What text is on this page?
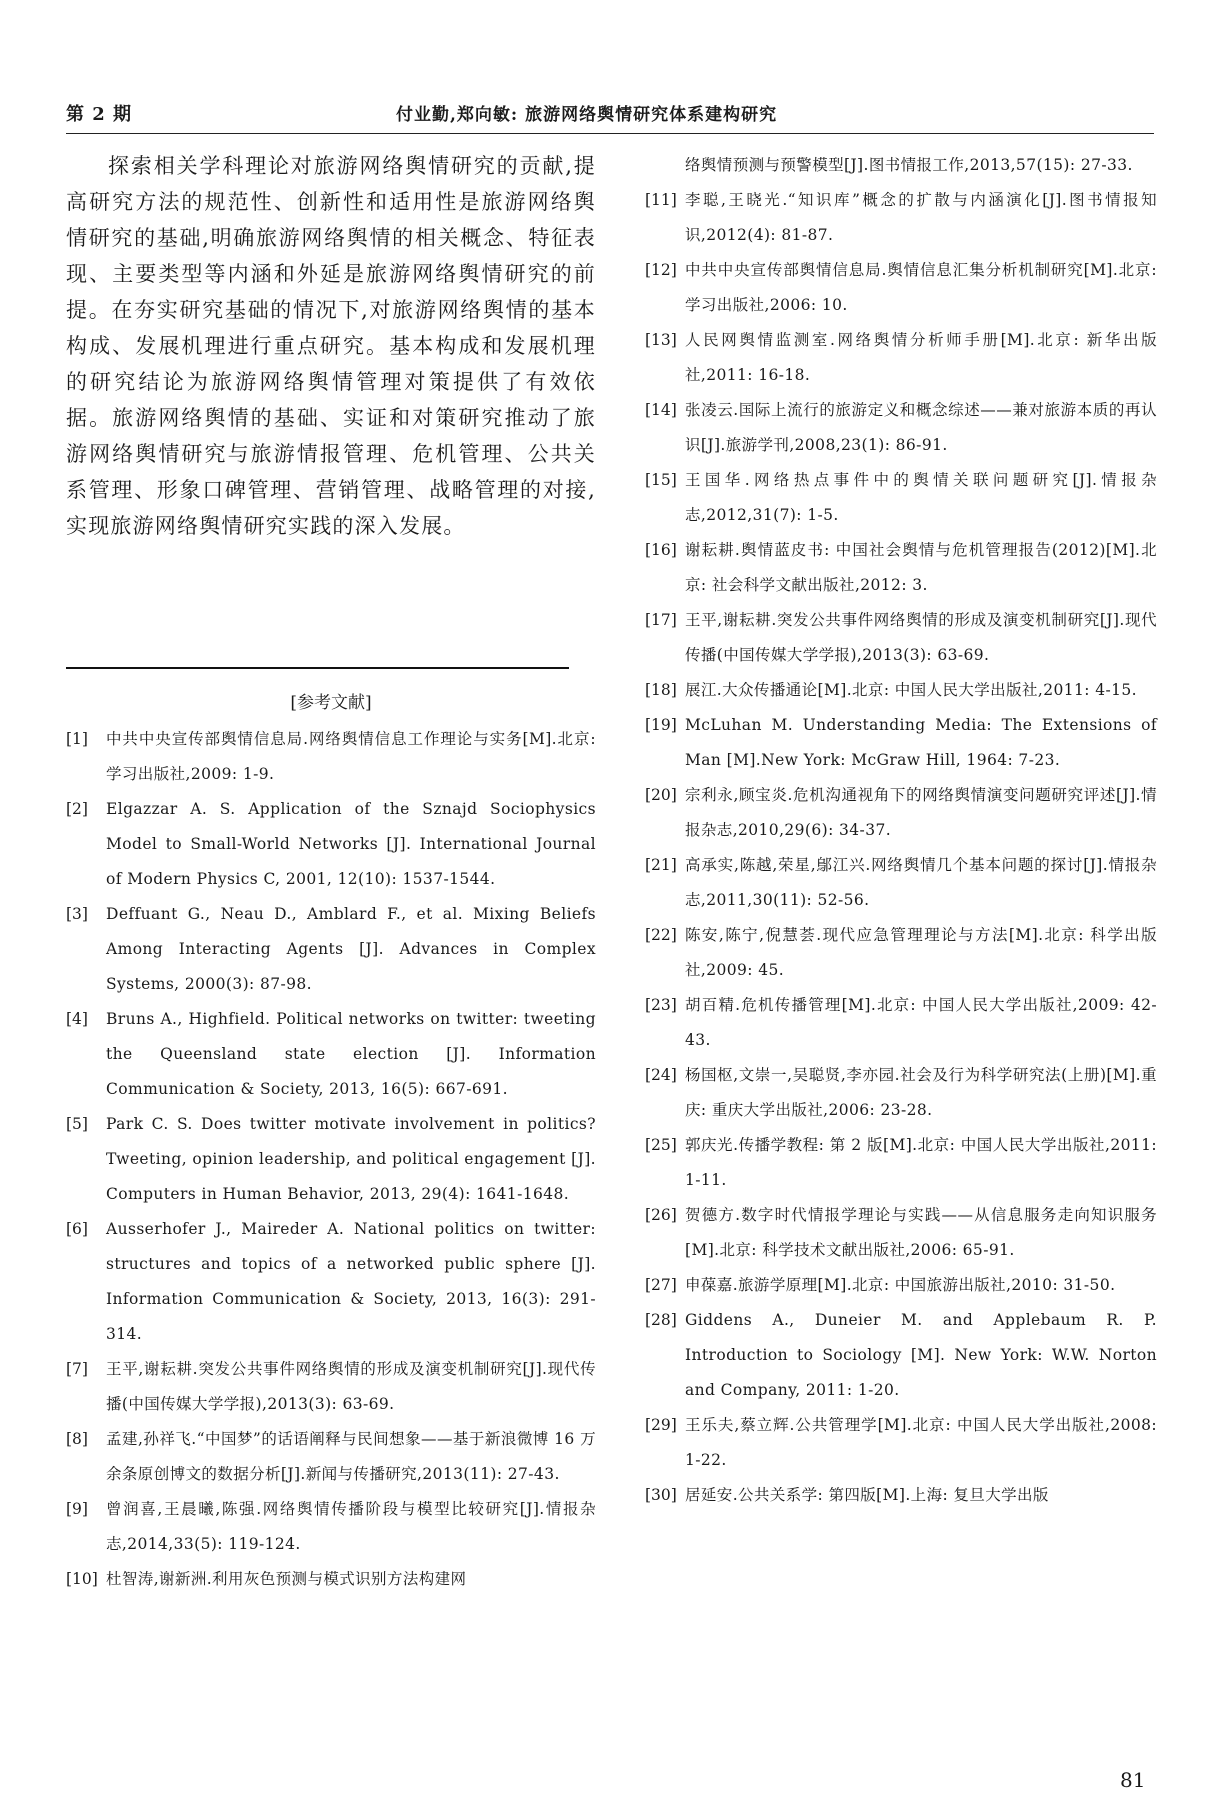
第 2 期	付业勤,郑向敏: 旅游网络舆情研究体系建构研究

探索相关学科理论对旅游网络舆情研究的贡献,提高研究方法的规范性、创新性和适用性是旅游网络舆情研究的基础,明确旅游网络舆情的相关概念、特征表现、主要类型等内涵和外延是旅游网络舆情研究的前提。在夯实研究基础的情况下,对旅游网络舆情的基本构成、发展机理进行重点研究。基本构成和发展机理的研究结论为旅游网络舆情管理对策提供了有效依据。旅游网络舆情的基础、实证和对策研究推动了旅游网络舆情研究与旅游情报管理、危机管理、公共关系管理、形象口碑管理、营销管理、战略管理的对接,实现旅游网络舆情研究实践的深入发展。

[参考文献]
[1]	中共中央宣传部舆情信息局.网络舆情信息工作理论与实务[M].北京: 学习出版社,2009: 1-9.
[2]	Elgazzar A. S. Application of the Sznajd Sociophysics Model to Small-World Networks [J]. International Journal of Modern Physics C, 2001, 12(10): 1537-1544.
[3]	Deffuant G., Neau D., Amblard F., et al. Mixing Beliefs Among Interacting Agents [J]. Advances in Complex Systems, 2000(3): 87-98.
[4]	Bruns A., Highfield. Political networks on twitter: tweeting the Queensland state election [J]. Information Communication & Society, 2013, 16(5): 667-691.
[5]	Park C. S. Does twitter motivate involvement in politics? Tweeting, opinion leadership, and political engagement [J]. Computers in Human Behavior, 2013, 29(4): 1641-1648.
[6]	Ausserhofer J., Maireder A. National politics on twitter: structures and topics of a networked public sphere [J]. Information Communication & Society, 2013, 16(3): 291-314.
[7]	王平,谢耘耕.突发公共事件网络舆情的形成及演变机制研究[J].现代传播(中国传媒大学学报),2013(3): 63-69.
[8]	孟建,孙祥飞.“中国梦”的话语阐释与民间想象——基于新浪微博 16 万余条原创博文的数据分析[J].新闻与传播研究,2013(11): 27-43.
[9]	曾润喜,王晨曦,陈强.网络舆情传播阶段与模型比较研究[J].情报杂志,2014,33(5): 119-124.
[10] 杜智涛,谢新洲.利用灰色预测与模式识别方法构建网
络舆情预测与预警模型[J].图书情报工作,2013,57(15): 27-33.
[11] 李聪,王晓光.“知识库”概念的扩散与内涵演化[J].图书情报知识,2012(4): 81-87.
[12] 中共中央宣传部舆情信息局.舆情信息汇集分析机制研究[M].北京: 学习出版社,2006: 10.
[13] 人民网舆情监测室.网络舆情分析师手册[M].北京: 新华出版社,2011: 16-18.
[14] 张凌云.国际上流行的旅游定义和概念综述——兼对旅游本质的再认识[J].旅游学刊,2008,23(1): 86-91.
[15] 王国华.网络热点事件中的舆情关联问题研究[J].情报杂志,2012,31(7): 1-5.
[16] 谢耘耕.舆情蓝皮书: 中国社会舆情与危机管理报告(2012)[M].北京: 社会科学文献出版社,2012: 3.
[17] 王平,谢耘耕.突发公共事件网络舆情的形成及演变机制研究[J].现代传播(中国传媒大学学报),2013(3): 63-69.
[18] 展江.大众传播通论[M].北京: 中国人民大学出版社,2011: 4-15.
[19] McLuhan M. Understanding Media: The Extensions of Man [M].New York: McGraw Hill, 1964: 7-23.
[20] 宗利永,顾宝炎.危机沟通视角下的网络舆情演变问题研究评述[J].情报杂志,2010,29(6): 34-37.
[21] 高承实,陈越,荣星,鄔江兴.网络舆情几个基本问题的探讨[J].情报杂志,2011,30(11): 52-56.
[22] 陈安,陈宁,倪慧荟.现代应急管理理论与方法[M].北京: 科学出版社,2009: 45.
[23] 胡百精.危机传播管理[M].北京: 中国人民大学出版社,2009: 42-43.
[24] 杨国枢,文崇一,吴聪贤,李亦园.社会及行为科学研究法(上册)[M].重庆: 重庆大学出版社,2006: 23-28.
[25] 郭庆光.传播学教程: 第 2 版[M].北京: 中国人民大学出版社,2011: 1-11.
[26] 贺德方.数字时代情报学理论与实践——从信息服务走向知识服务[M].北京: 科学技术文献出版社,2006: 65-91.
[27] 申葆嘉.旅游学原理[M].北京: 中国旅游出版社,2010: 31-50.
[28] Giddens A., Duneier M. and Applebaum R. P. Introduction to Sociology [M]. New York: W.W. Norton and Company, 2011: 1-20.
[29] 王乐夫,蔡立辉.公共管理学[M].北京: 中国人民大学出版社,2008: 1-22.
[30] 居延安.公共关系学: 第四版[M].上海: 复旦大学出版
81
